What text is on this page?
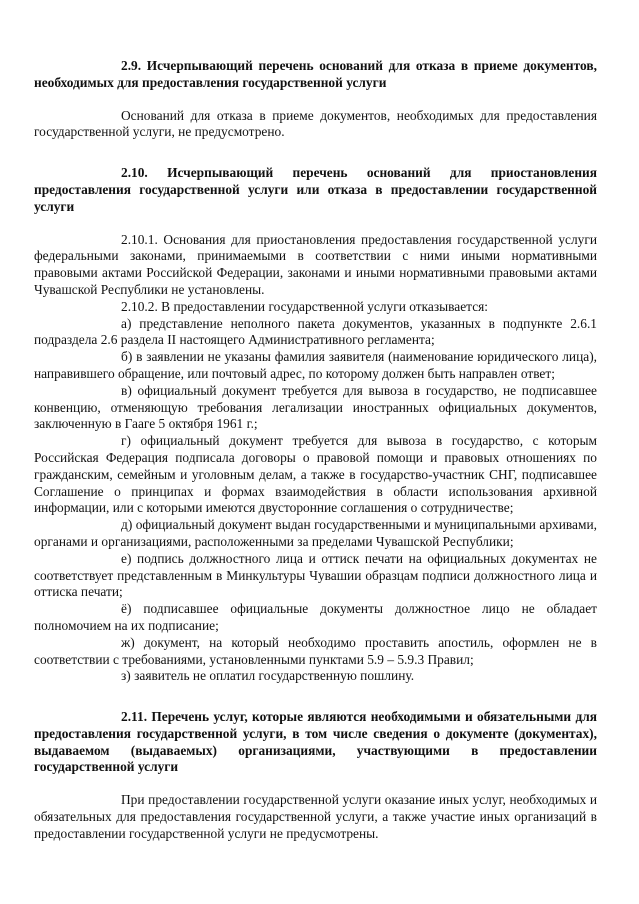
2.9. Исчерпывающий перечень оснований для отказа в приеме документов, необходимых для предоставления государственной услуги

Оснований для отказа в приеме документов, необходимых для предоставления государственной услуги, не предусмотрено.

2.10. Исчерпывающий перечень оснований для приостановления предоставления государственной услуги или отказа в предоставлении государственной услуги

2.10.1. Основания для приостановления предоставления государственной услуги федеральными законами, принимаемыми в соответствии с ними иными нормативными правовыми актами Российской Федерации, законами и иными нормативными правовыми актами Чувашской Республики не установлены.

2.10.2. В предоставлении государственной услуги отказывается:

а) представление неполного пакета документов, указанных в подпункте 2.6.1 подраздела 2.6 раздела II настоящего Административного регламента;

б) в заявлении не указаны фамилия заявителя (наименование юридического лица), направившего обращение, или почтовый адрес, по которому должен быть направлен ответ;

в) официальный документ требуется для вывоза в государство, не подписавшее конвенцию, отменяющую требования легализации иностранных официальных документов, заключенную в Гааге 5 октября 1961 г.;

г) официальный документ требуется для вывоза в государство, с которым Российская Федерация подписала договоры о правовой помощи и правовых отношениях по гражданским, семейным и уголовным делам, а также в государство-участник СНГ, подписавшее Соглашение о принципах и формах взаимодействия в области использования архивной информации, или с которыми имеются двусторонние соглашения о сотрудничестве;

д) официальный документ выдан государственными и муниципальными архивами, органами и организациями, расположенными за пределами Чувашской Республики;

е) подпись должностного лица и оттиск печати на официальных документах не соответствует представленным в Минкультуры Чувашии образцам подписи должностного лица и оттиска печати;

ё) подписавшее официальные документы должностное лицо не обладает полномочием на их подписание;

ж) документ, на который необходимо проставить апостиль, оформлен не в соответствии с требованиями, установленными пунктами 5.9 – 5.9.3 Правил;

з) заявитель не оплатил государственную пошлину.

2.11. Перечень услуг, которые являются необходимыми и обязательными для предоставления государственной услуги, в том числе сведения о документе (документах), выдаваемом (выдаваемых) организациями, участвующими в предоставлении государственной услуги

При предоставлении государственной услуги оказание иных услуг, необходимых и обязательных для предоставления государственной услуги, а также участие иных организаций в предоставлении государственной услуги не предусмотрены.
